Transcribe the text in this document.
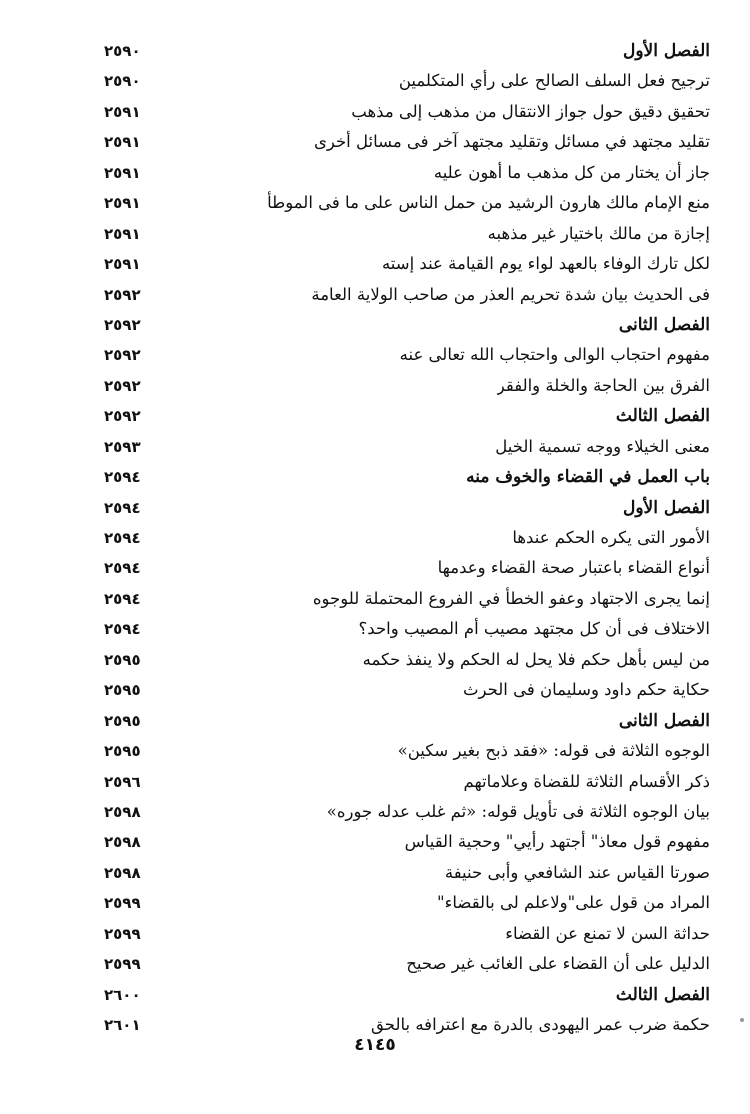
الفصل الأول
٢٥٩٠
ترجيح فعل السلف الصالح على رأي المتكلمين
٢٥٩٠
تحقيق دقيق حول جواز الانتقال من مذهب إلى مذهب
٢٥٩١
تقليد مجتهد في مسائل وتقليد مجتهد آخر فى مسائل أخرى
٢٥٩١
جاز أن يختار من كل مذهب ما أهون عليه
٢٥٩١
منع الإمام مالك هارون الرشيد من حمل الناس على ما فى الموطأ
٢٥٩١
إجازة من مالك باختيار غير مذهبه
٢٥٩١
لكل تارك الوفاء بالعهد لواء يوم القيامة عند إسته
٢٥٩١
فى الحديث بيان شدة تحريم العذر من صاحب الولاية العامة
٢٥٩٢
الفصل الثانى
٢٥٩٢
مفهوم احتجاب الوالى واحتجاب الله تعالى عنه
٢٥٩٢
الفرق بين الحاجة والخلة والفقر
٢٥٩٢
الفصل الثالث
٢٥٩٢
معنى الخيلاء ووجه تسمية الخيل
٢٥٩٣
باب العمل في القضاء والخوف منه
٢٥٩٤
الفصل الأول
٢٥٩٤
الأمور التى يكره الحكم عندها
٢٥٩٤
أنواع القضاء باعتبار صحة القضاء وعدمها
٢٥٩٤
إنما يجرى الاجتهاد وعفو الخطأ في الفروع المحتملة للوجوه
٢٥٩٤
الاختلاف فى أن كل مجتهد مصيب أم المصيب واحد؟
٢٥٩٤
من ليس بأهل حكم فلا يحل له الحكم ولا ينفذ حكمه
٢٥٩٥
حكاية حكم داود وسليمان فى الحرث
٢٥٩٥
الفصل الثانى
٢٥٩٥
الوجوه الثلاثة فى قوله: «فقد ذبح بغير سكين»
٢٥٩٥
ذكر الأقسام الثلاثة للقضاة وعلاماتهم
٢٥٩٦
بيان الوجوه الثلاثة فى تأويل قوله: «ثم غلب عدله جوره»
٢٥٩٨
مفهوم قول معاذ" أجتهد رأيي" وحجية القياس
٢٥٩٨
صورتا القياس عند الشافعي وأبى حنيفة
٢٥٩٨
المراد من قول على"ولاعلم لى بالقضاء"
٢٥٩٩
حداثة السن لا تمنع عن القضاء
٢٥٩٩
الدليل على أن القضاء على الغائب غير صحيح
٢٥٩٩
الفصل الثالث
٢٦٠٠
حكمة ضرب عمر اليهودى بالدرة مع اعترافه بالحق
٢٦٠١
٤١٤٥
